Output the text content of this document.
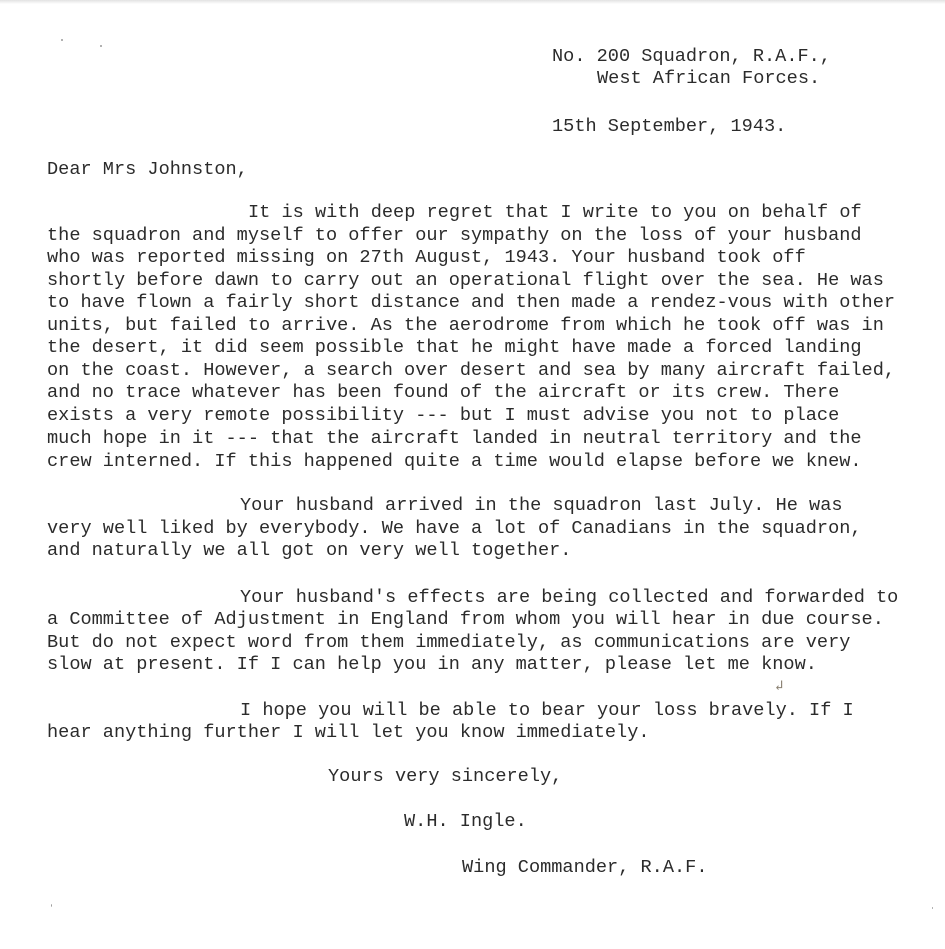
No. 200 Squadron, R.A.F.,
West African Forces.
15th September, 1943.
Dear Mrs Johnston,
It is with deep regret that I write to you on behalf of
the squadron and myself to offer our sympathy on the loss of your husband
who was reported missing on 27th August, 1943. Your husband took off
shortly before dawn to carry out an operational flight over the sea. He was
to have flown a fairly short distance and then made a rendez-vous with other
units, but failed to arrive. As the aerodrome from which he took off was in
the desert, it did seem possible that he might have made a forced landing
on the coast. However, a search over desert and sea by many aircraft failed,
and no trace whatever has been found of the aircraft or its crew. There
exists a very remote possibility --- but I must advise you not to place
much hope in it --- that the aircraft landed in neutral territory and the
crew interned. If this happened quite a time would elapse before we knew.
Your husband arrived in the squadron last July. He was
very well liked by everybody. We have a lot of Canadians in the squadron,
and naturally we all got on very well together.
Your husband's effects are being collected and forwarded to
a Committee of Adjustment in England from whom you will hear in due course.
But do not expect word from them immediately, as communications are very
slow at present. If I can help you in any matter, please let me know.
↲
I hope you will be able to bear your loss bravely. If I
hear anything further I will let you know immediately.
Yours very sincerely,
W.H. Ingle.
Wing Commander, R.A.F.
